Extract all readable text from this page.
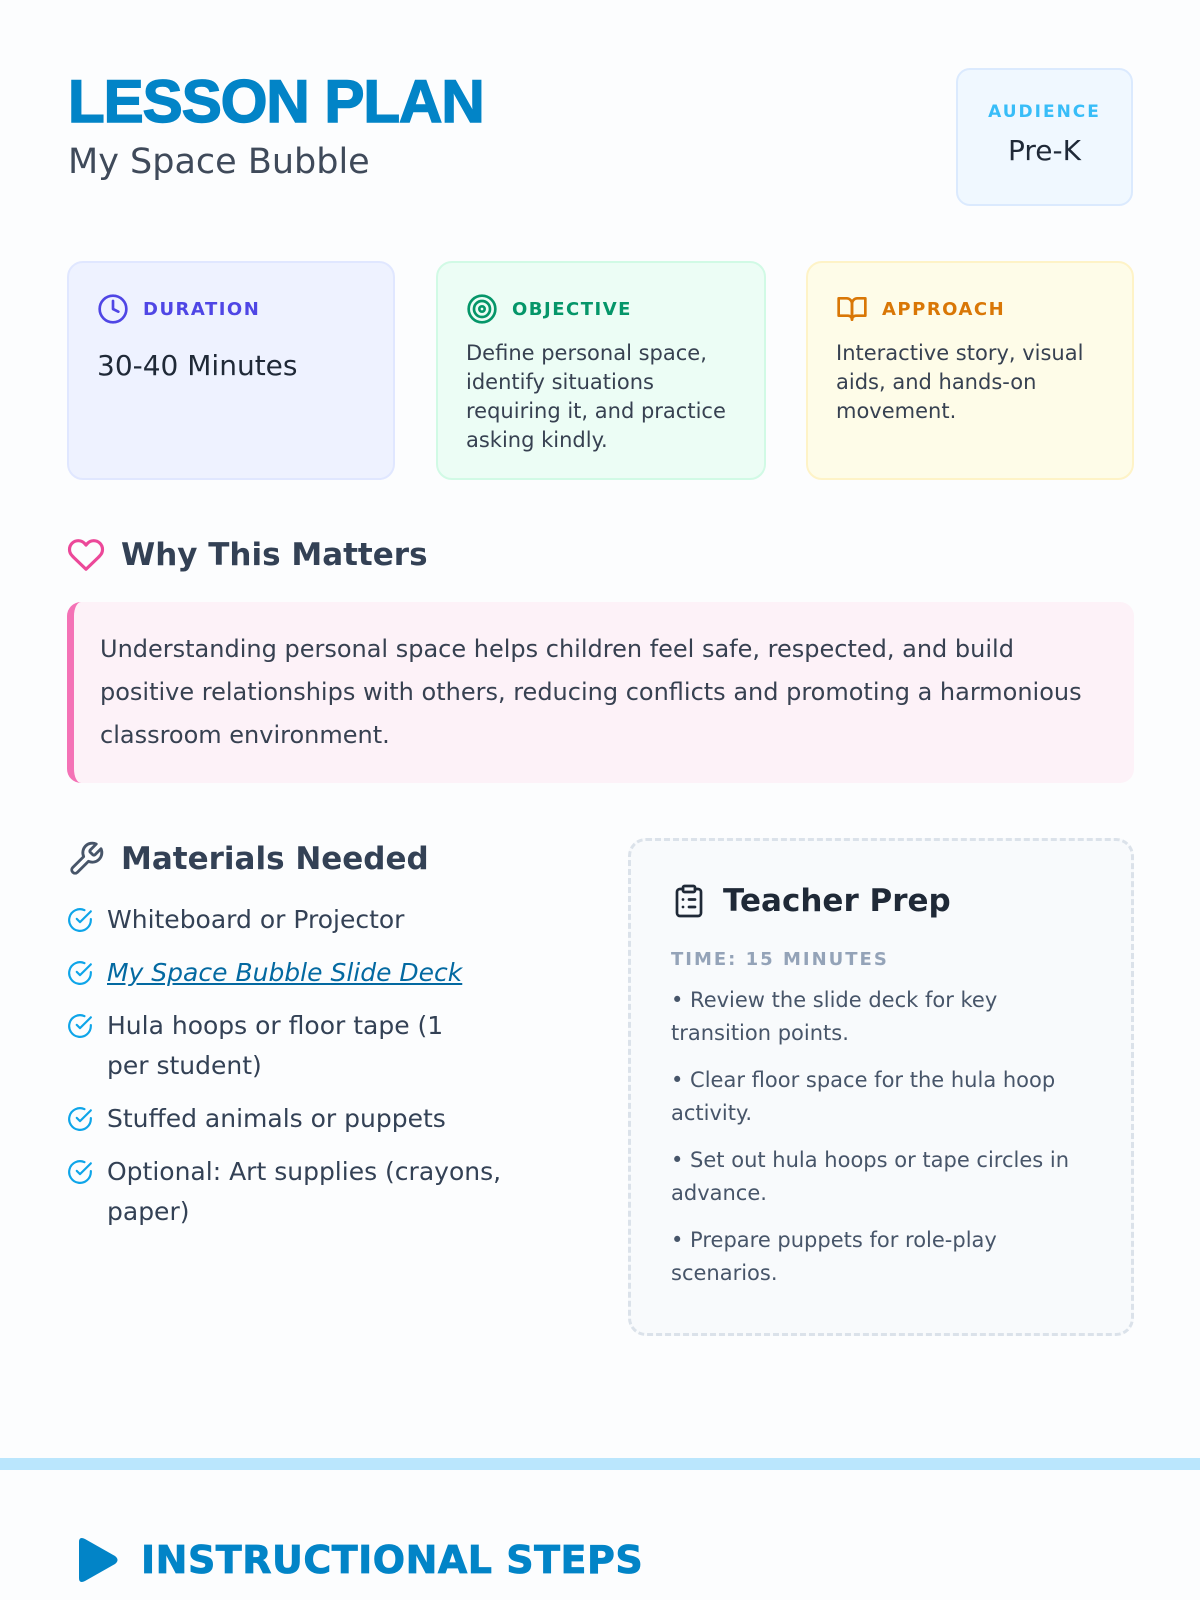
LESSON PLAN
My Space Bubble
AUDIENCE
Pre-K
DURATION
30-40 Minutes
OBJECTIVE
Define personal space, identify situations requiring it, and practice asking kindly.
APPROACH
Interactive story, visual aids, and hands-on movement.
Why This Matters
Understanding personal space helps children feel safe, respected, and build positive relationships with others, reducing conflicts and promoting a harmonious classroom environment.
Materials Needed
Whiteboard or Projector
My Space Bubble Slide Deck
Hula hoops or floor tape (1 per student)
Stuffed animals or puppets
Optional: Art supplies (crayons, paper)
Teacher Prep
TIME: 15 MINUTES
• Review the slide deck for key transition points.
• Clear floor space for the hula hoop activity.
• Set out hula hoops or tape circles in advance.
• Prepare puppets for role-play scenarios.
INSTRUCTIONAL STEPS
